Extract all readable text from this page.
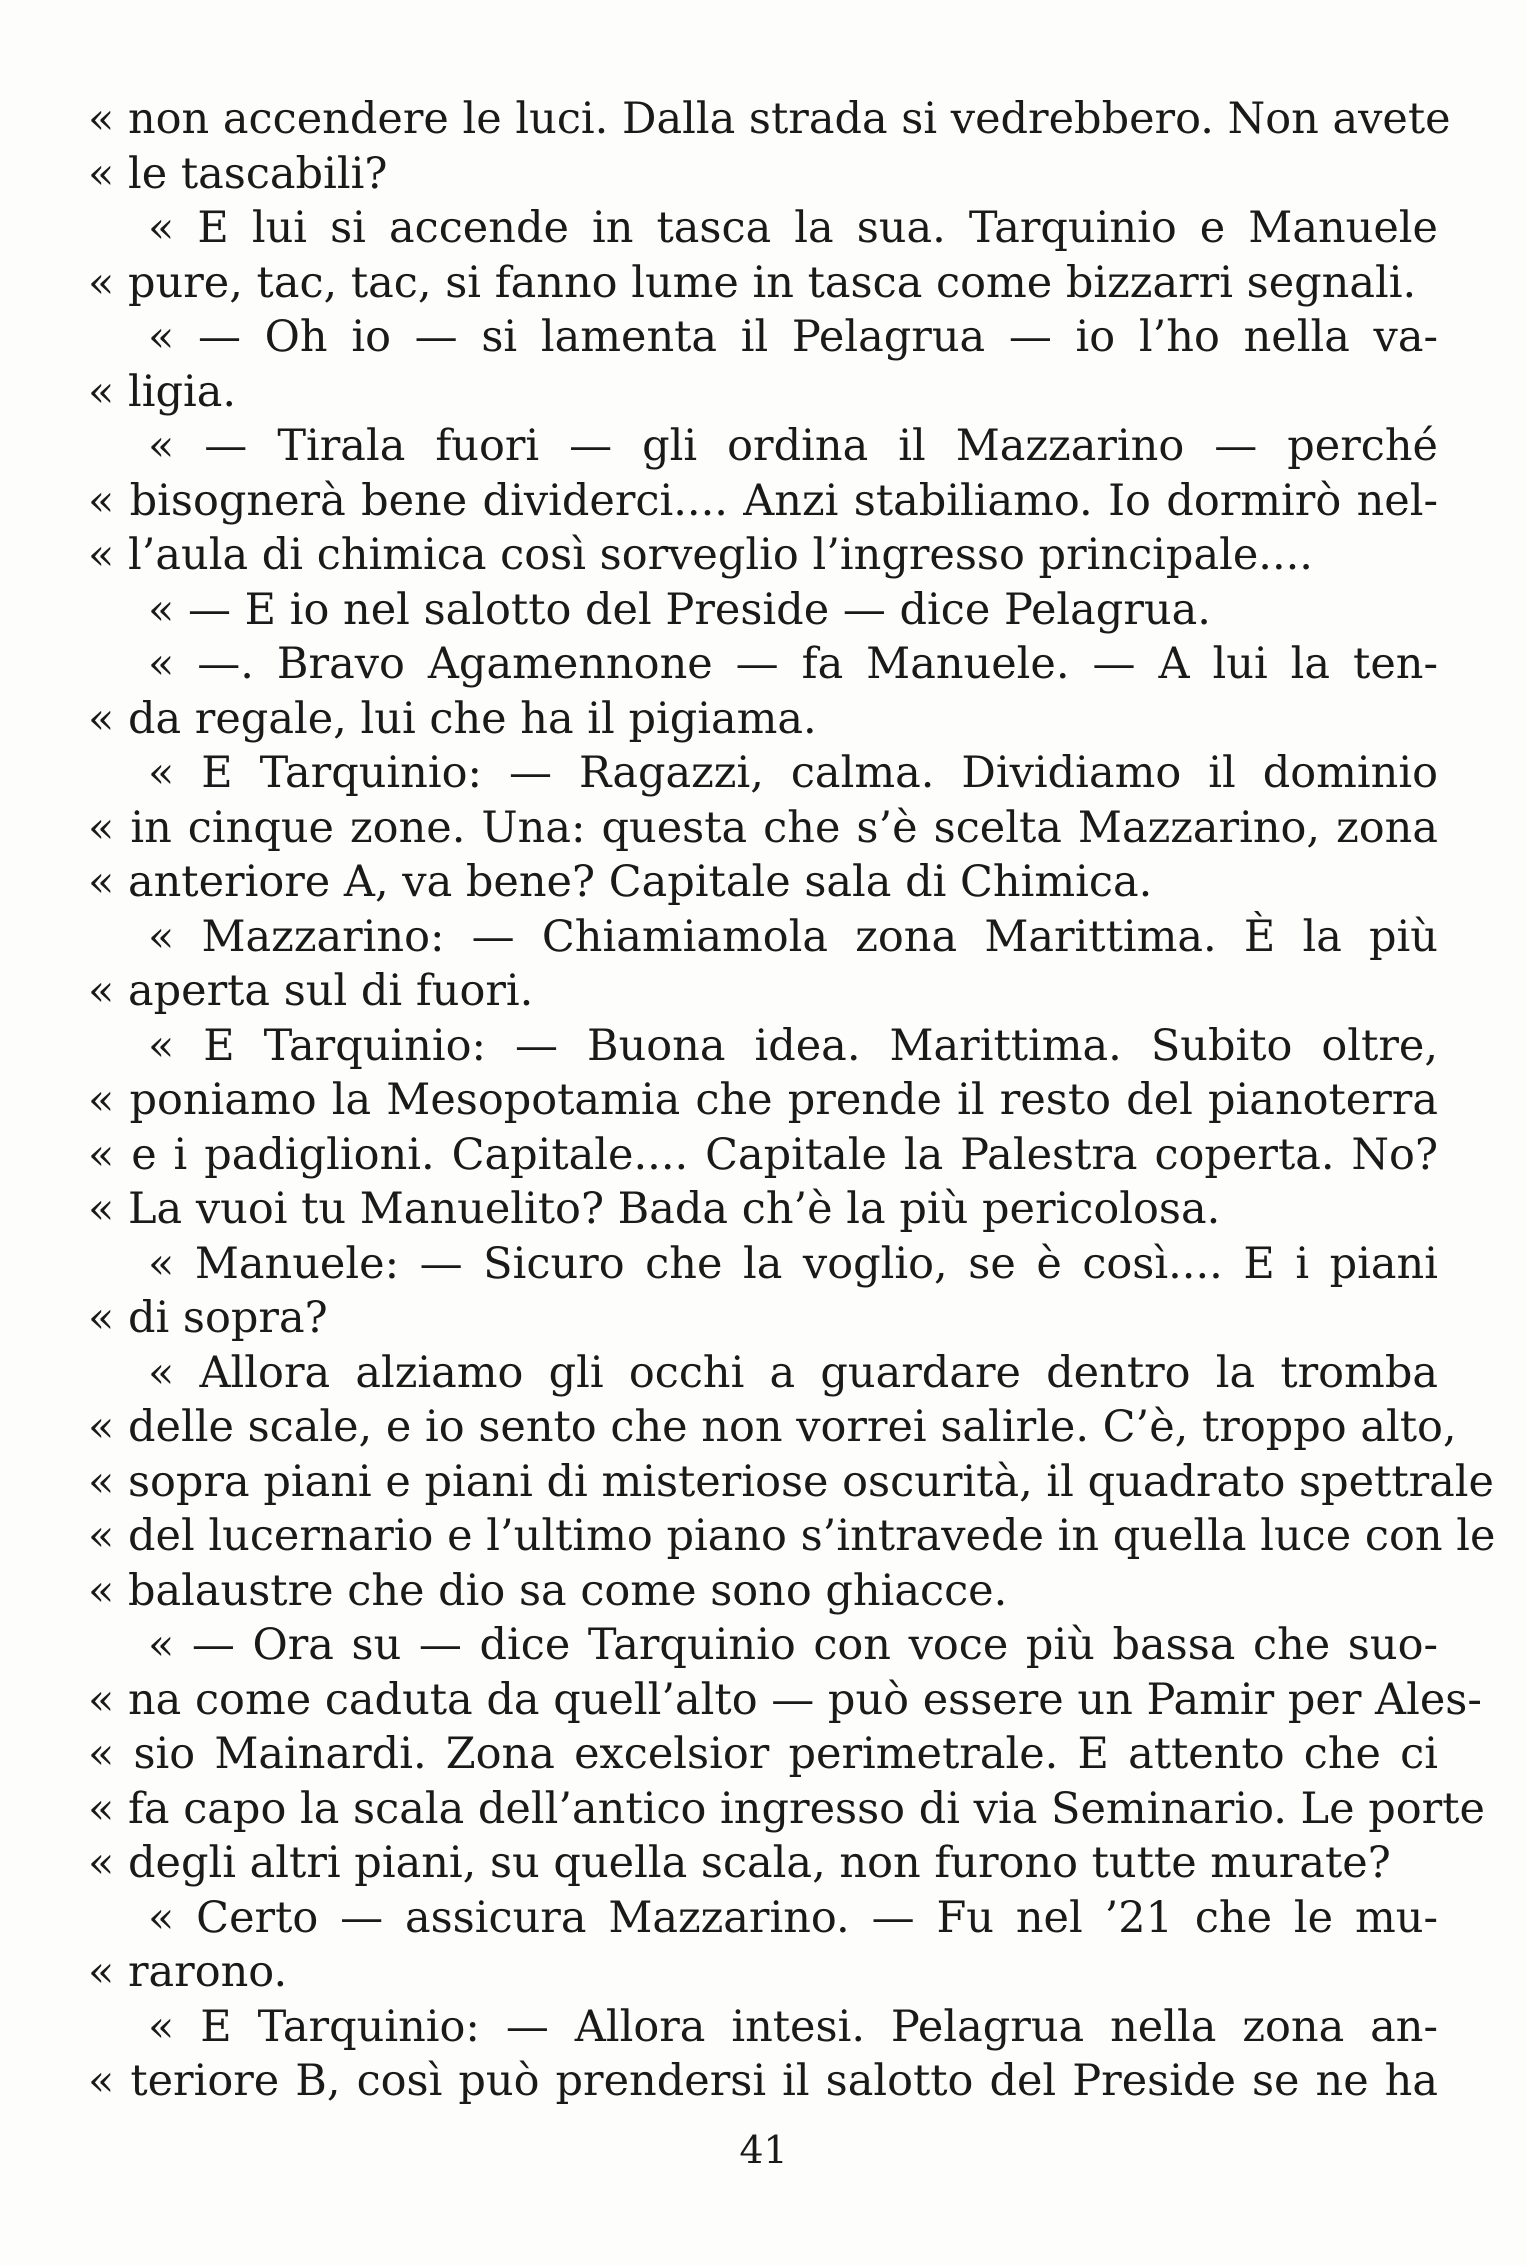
« non accendere le luci. Dalla strada si vedrebbero. Non avete
« le tascabili?
« E lui si accende in tasca la sua. Tarquinio e Manuele
« pure, tac, tac, si fanno lume in tasca come bizzarri segnali.
« — Oh io — si lamenta il Pelagrua — io l’ho nella va-
« ligia.
« — Tirala fuori — gli ordina il Mazzarino — perché
« bisognerà bene dividerci.... Anzi stabiliamo. Io dormirò nel-
« l’aula di chimica così sorveglio l’ingresso principale....
« — E io nel salotto del Preside — dice Pelagrua.
« —. Bravo Agamennone — fa Manuele. — A lui la ten-
« da regale, lui che ha il pigiama.
« E Tarquinio: — Ragazzi, calma. Dividiamo il dominio
« in cinque zone. Una: questa che s’è scelta Mazzarino, zona
« anteriore A, va bene? Capitale sala di Chimica.
« Mazzarino: — Chiamiamola zona Marittima. È la più
« aperta sul di fuori.
« E Tarquinio: — Buona idea. Marittima. Subito oltre,
« poniamo la Mesopotamia che prende il resto del pianoterra
« e i padiglioni. Capitale.... Capitale la Palestra coperta. No?
« La vuoi tu Manuelito? Bada ch’è la più pericolosa.
« Manuele: — Sicuro che la voglio, se è così.... E i piani
« di sopra?
« Allora alziamo gli occhi a guardare dentro la tromba
« delle scale, e io sento che non vorrei salirle. C’è, troppo alto,
« sopra piani e piani di misteriose oscurità, il quadrato spettrale
« del lucernario e l’ultimo piano s’intravede in quella luce con le
« balaustre che dio sa come sono ghiacce.
« — Ora su — dice Tarquinio con voce più bassa che suo-
« na come caduta da quell’alto — può essere un Pamir per Ales-
« sio Mainardi. Zona excelsior perimetrale. E attento che ci
« fa capo la scala dell’antico ingresso di via Seminario. Le porte
« degli altri piani, su quella scala, non furono tutte murate?
« Certo — assicura Mazzarino. — Fu nel ’21 che le mu-
« rarono.
« E Tarquinio: — Allora intesi. Pelagrua nella zona an-
« teriore B, così può prendersi il salotto del Preside se ne ha
41
